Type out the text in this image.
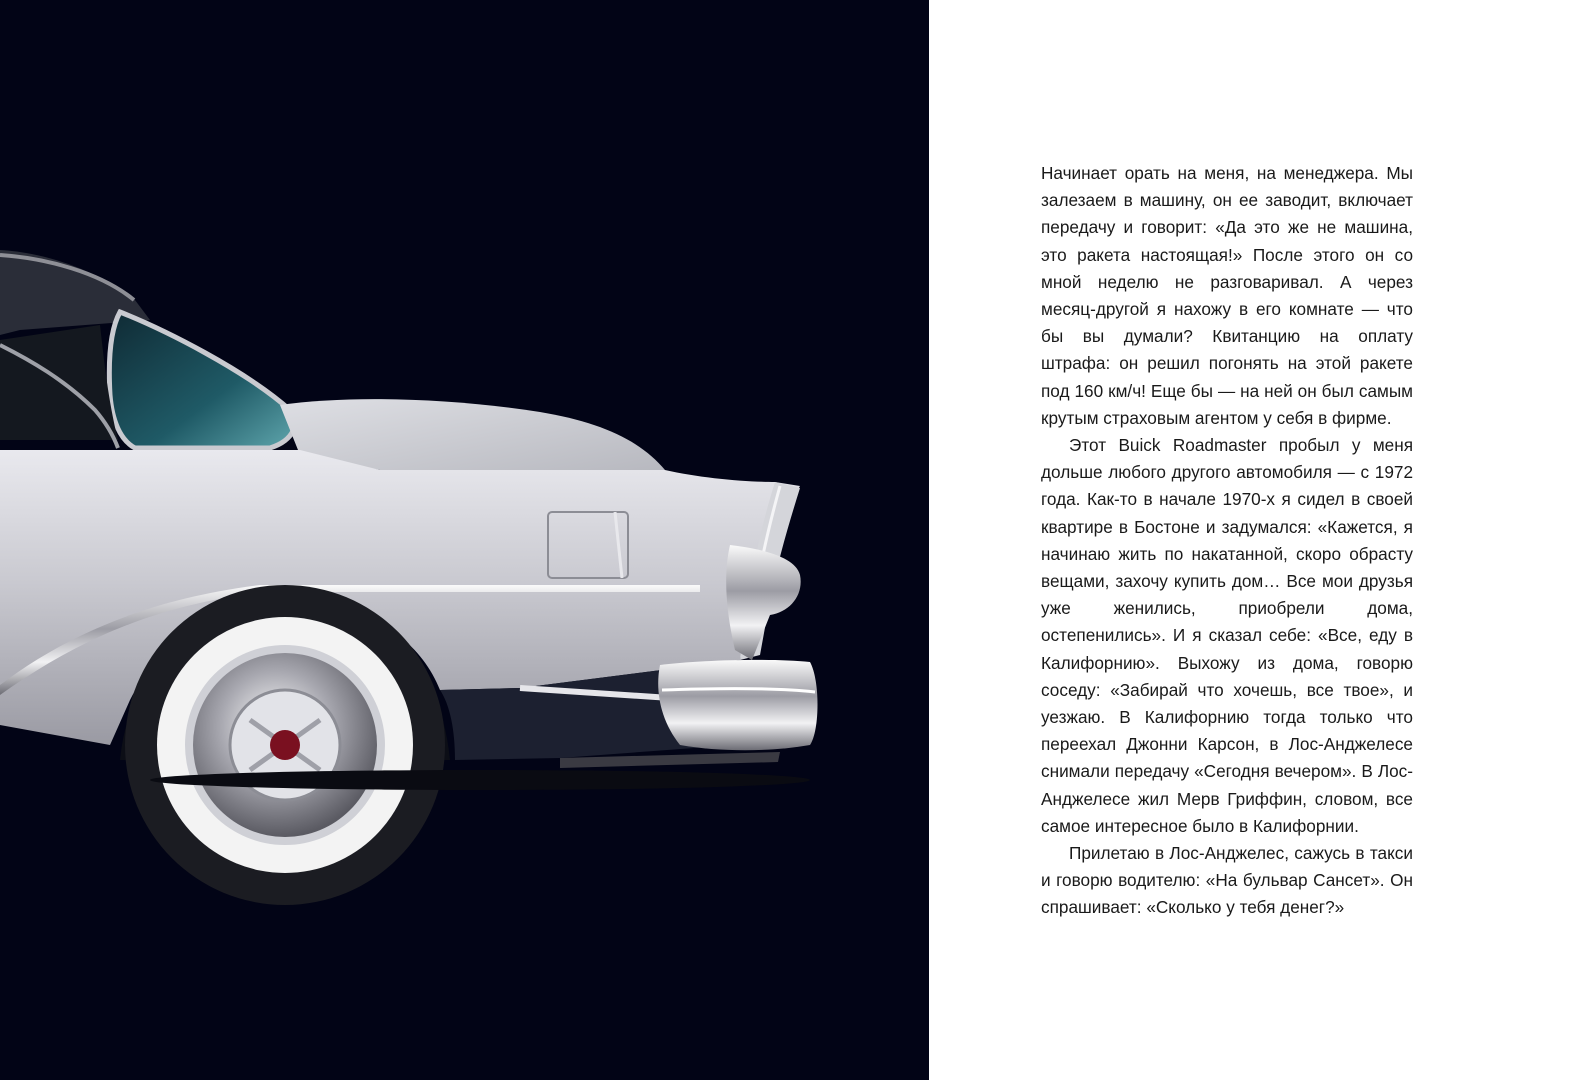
Начинает орать на меня, на менеджера. Мы залезаем в машину, он ее заводит, включает передачу и говорит: «Да это же не машина, это ракета настоящая!» После этого он со мной неделю не разговаривал. А через месяц-другой я нахожу в его комнате — что бы вы думали? Квитанцию на оплату штрафа: он решил погонять на этой ракете под 160 км/ч! Еще бы — на ней он был самым крутым страховым агентом у себя в фирме.

Этот Buick Roadmaster пробыл у меня дольше любого другого автомобиля — с 1972 года. Как-то в начале 1970-х я сидел в своей квартире в Бостоне и задумался: «Кажется, я начинаю жить по накатанной, скоро обрасту вещами, захочу купить дом… Все мои друзья уже женились, приобрели дома, остепенились». И я сказал себе: «Все, еду в Калифорнию». Выхожу из дома, говорю соседу: «Забирай что хочешь, все твое», и уезжаю. В Калифорнию тогда только что переехал Джонни Карсон, в Лос-Анджелесе снимали передачу «Сегодня вечером». В Лос-Анджелесе жил Мерв Гриффин, словом, все самое интересное было в Калифорнии.

Прилетаю в Лос-Анджелес, сажусь в такси и говорю водителю: «На бульвар Сансет». Он спрашивает: «Сколько у тебя денег?»
